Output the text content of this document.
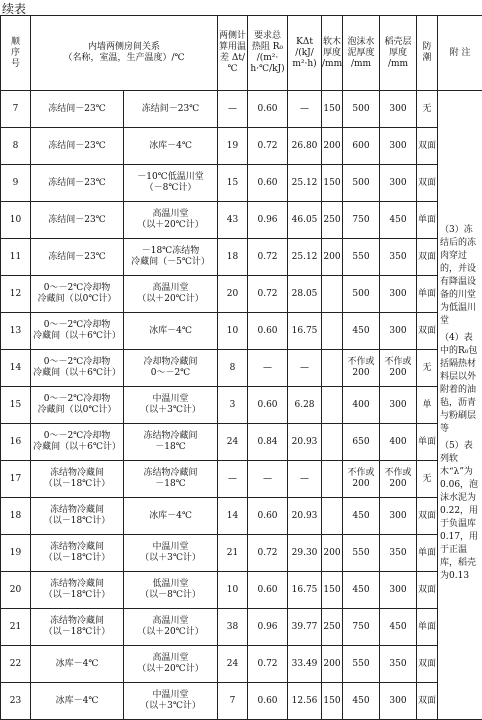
续表
顺
序
号	内墙两侧房间关系
（名称，室温，生产温度）/℃		两侧计
算用温
差 Δt/℃	要求总
热阻 R₀
/(m²·
h·℃/kJ)	KΔt
/(kJ/
m²·h)	软木
厚度
/mm	泡沫水
泥厚度
/mm	稻壳层
厚度
/mm	防
潮	附 注

7	冻结间－23℃	冻结间－23℃	—	0.60	—	150	500	300	无	（3）冻结后的冻肉穿过的，并设有降温设备的川堂为低温川堂

（4）表中的R₀包括隔热材料层以外附着的油毡，沥青与粉刷层等

（5）表列软木“λ”为0.06，泡沫水泥为0.22，用于负温库0.17，用于正温库，稻壳为0.13

8	冻结间－23℃	冰库－4℃	19	0.72	26.80	200	600	300	双面	

9	冻结间－23℃	－10℃低温川堂
（－8℃计）	15	0.60	25.12	150	500	300	双面	

10	冻结间－23℃	高温川堂
（以＋20℃计）	43	0.96	46.05	250	750	450	单面	

11	冻结间－23℃	－18℃冻结物
冷藏间（－5℃计）	18	0.72	25.12	200	550	350	双面	

12	0～－2℃冷却物
冷藏间（以0℃计）	高温川堂
（以＋20℃计）	20	0.72	28.05		500	300	单面	

13	0～－2℃冷却物
冷藏间（以＋6℃计）	冰库－4℃	10	0.60	16.75		450	300	双面	

14	0～－2℃冷却物
冷藏间（以＋6℃计）	冷却物冷藏间
0～－2℃	8	—	—		不作或
200	不作或
200	无	

15	0～－2℃冷却物
冷藏间（以0℃计）	中温川堂
（以＋3℃计）	3	0.60	6.28		400	300	单	

16	0～－2℃冷却物
冷藏间（以＋6℃计）	冻结物冷藏间
－18℃	24	0.84	20.93		650	400	单面	

17	冻结物冷藏间
（以－18℃计）	冻结物冷藏间
－18℃	—	—	—		不作或
200	不作或
200	无	

18	冻结物冷藏间
（以－18℃计）	冰库－4℃	14	0.60	20.93		450	300	双面	

19	冻结物冷藏间
（以－18℃计）	中温川堂
（以＋3℃计）	21	0.72	29.30	200	550	350	单面	

20	冻结物冷藏间
（以－18℃计）	低温川堂
（以－8℃计）	10	0.60	16.75	150	450	300	双面	

21	冻结物冷藏间
（以－18℃计）	高温川堂
（以＋20℃计）	38	0.96	39.77	250	750	450	单面	

22	冰库－4℃	高温川堂
（以＋20℃计）	24	0.72	33.49	200	550	350	双面	

23	冰库－4℃	中温川堂
（以＋3℃计）	7	0.60	12.56	150	450	300	双面	
